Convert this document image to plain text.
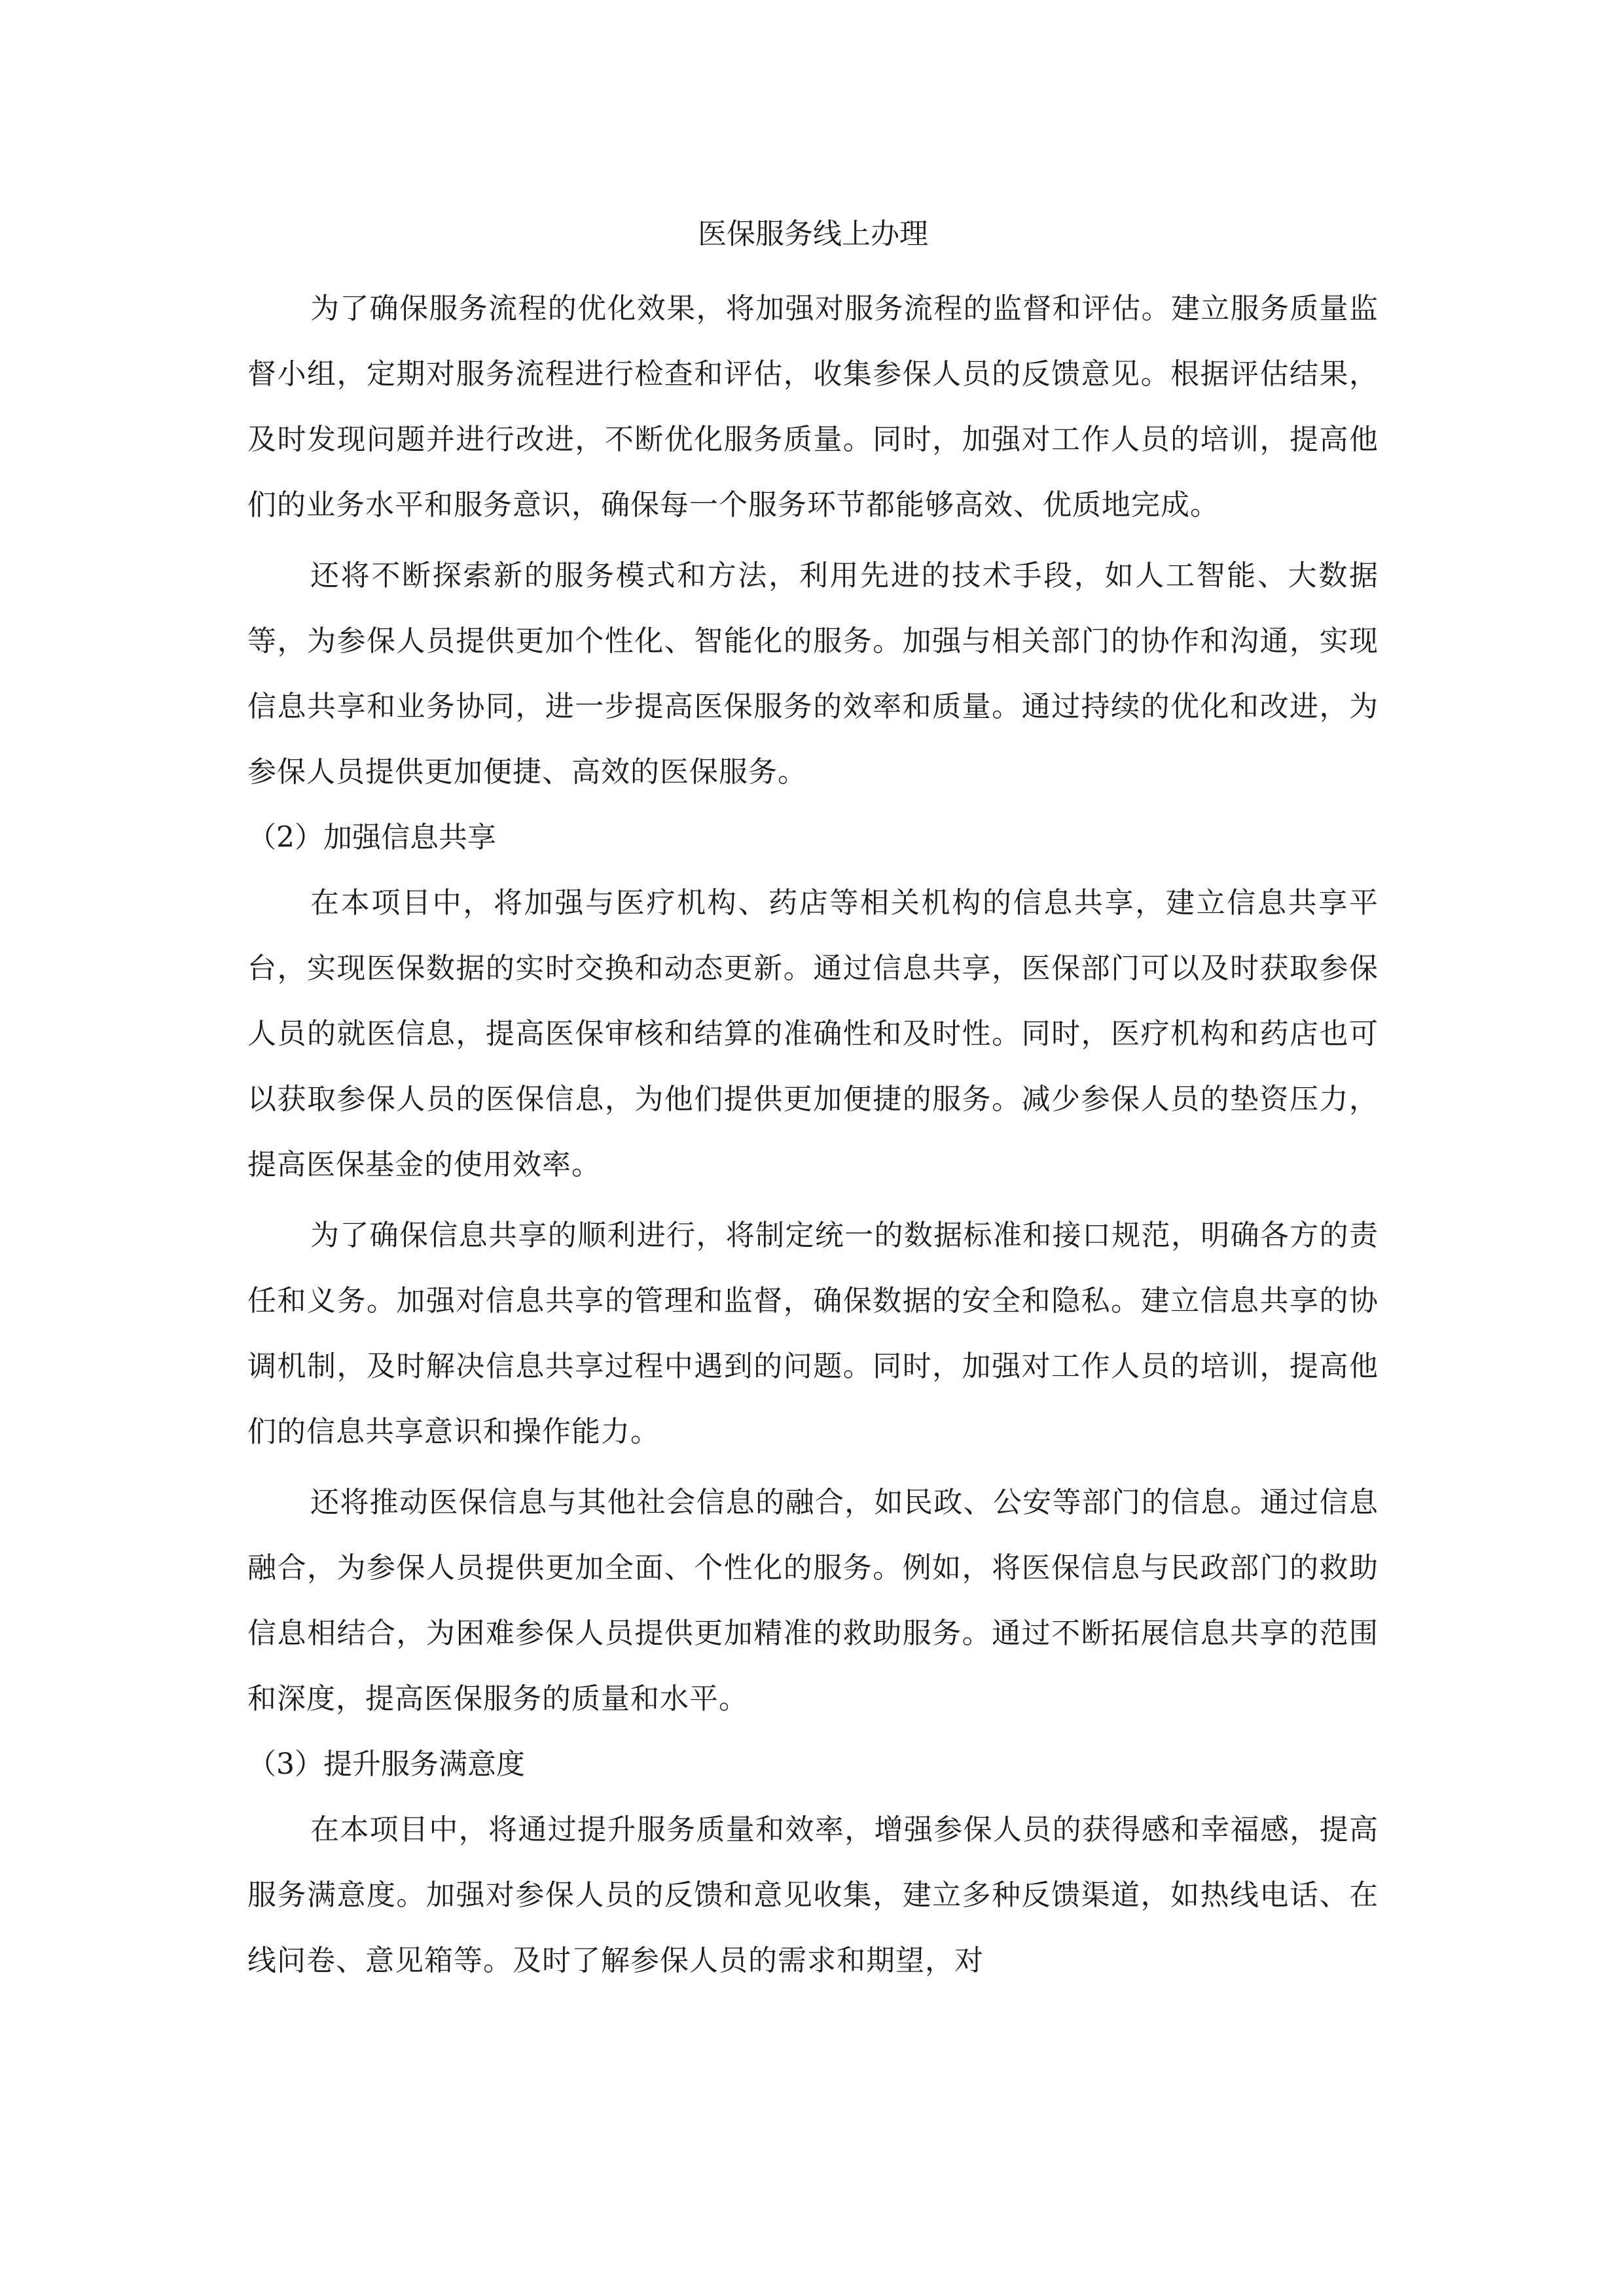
医保服务线上办理

为了确保服务流程的优化效果，将加强对服务流程的监督和评估。建立服务质量监督小组，定期对服务流程进行检查和评估，收集参保人员的反馈意见。根据评估结果，及时发现问题并进行改进，不断优化服务质量。同时，加强对工作人员的培训，提高他们的业务水平和服务意识，确保每一个服务环节都能够高效、优质地完成。

还将不断探索新的服务模式和方法，利用先进的技术手段，如人工智能、大数据等，为参保人员提供更加个性化、智能化的服务。加强与相关部门的协作和沟通，实现信息共享和业务协同，进一步提高医保服务的效率和质量。通过持续的优化和改进，为参保人员提供更加便捷、高效的医保服务。

（2）加强信息共享

在本项目中，将加强与医疗机构、药店等相关机构的信息共享，建立信息共享平台，实现医保数据的实时交换和动态更新。通过信息共享，医保部门可以及时获取参保人员的就医信息，提高医保审核和结算的准确性和及时性。同时，医疗机构和药店也可以获取参保人员的医保信息，为他们提供更加便捷的服务。减少参保人员的垫资压力，提高医保基金的使用效率。

为了确保信息共享的顺利进行，将制定统一的数据标准和接口规范，明确各方的责任和义务。加强对信息共享的管理和监督，确保数据的安全和隐私。建立信息共享的协调机制，及时解决信息共享过程中遇到的问题。同时，加强对工作人员的培训，提高他们的信息共享意识和操作能力。

还将推动医保信息与其他社会信息的融合，如民政、公安等部门的信息。通过信息融合，为参保人员提供更加全面、个性化的服务。例如，将医保信息与民政部门的救助信息相结合，为困难参保人员提供更加精准的救助服务。通过不断拓展信息共享的范围和深度，提高医保服务的质量和水平。

（3）提升服务满意度

在本项目中，将通过提升服务质量和效率，增强参保人员的获得感和幸福感，提高服务满意度。加强对参保人员的反馈和意见收集，建立多种反馈渠道，如热线电话、在线问卷、意见箱等。及时了解参保人员的需求和期望，对
